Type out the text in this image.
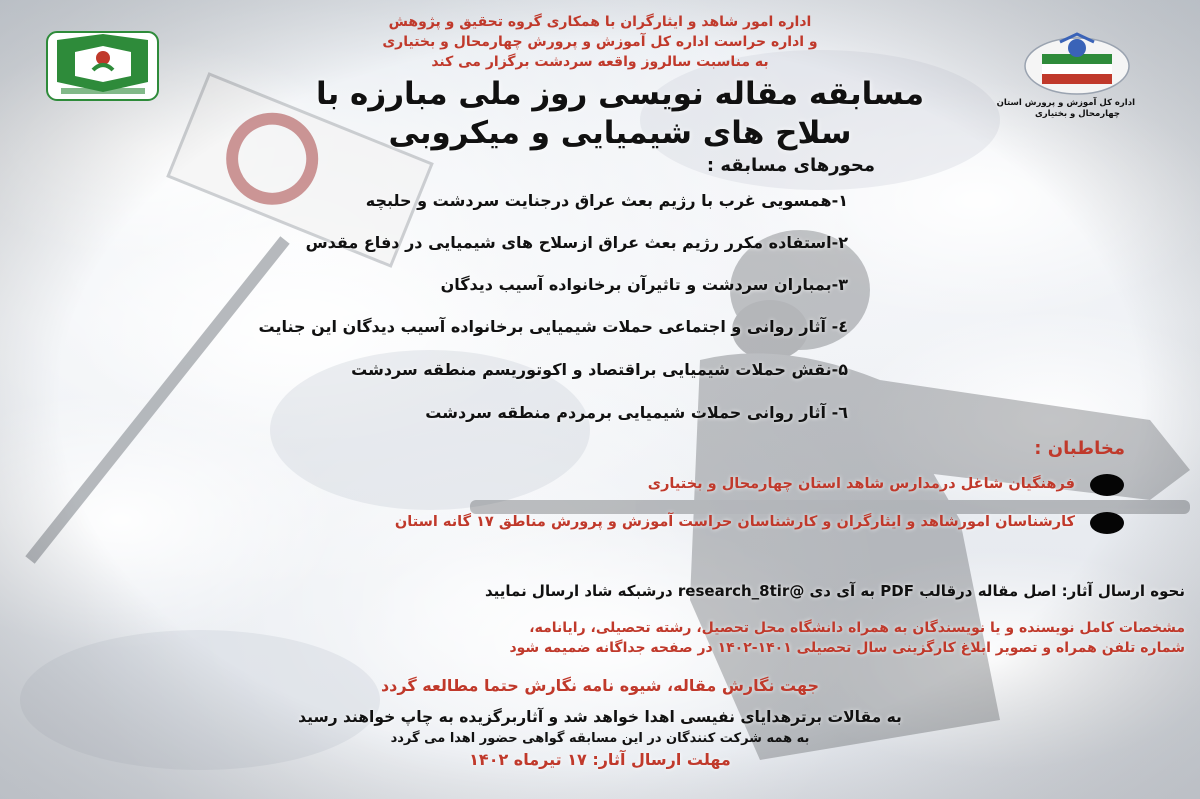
اداره کل آموزش و پرورش استان
چهارمحال و بختیاری
اداره امور شاهد و ایثارگران با همکاری گروه تحقیق و پژوهش
و اداره حراست اداره کل آموزش و پرورش چهارمحال و بختیاری
به مناسبت سالروز واقعه سردشت برگزار می کند
مسابقه مقاله نویسی روز ملی مبارزه با
سلاح های شیمیایی و میکروبی
محورهای مسابقه :
۱-همسویی غرب با رژیم بعث عراق درجنایت سردشت و حلبچه
۲-استفاده مکرر رژیم بعث عراق ازسلاح های شیمیایی در دفاع مقدس
۳-بمباران سردشت و تاثیرآن برخانواده آسیب دیدگان
٤- آثار روانی و اجتماعی حملات شیمیایی برخانواده آسیب دیدگان این جنایت
۵-نقش حملات شیمیایی براقتصاد و اکوتوریسم منطقه سردشت
٦- آثار روانی حملات شیمیایی برمردم منطقه سردشت
مخاطبان :
فرهنگیان شاغل درمدارس شاهد استان چهارمحال و بختیاری
کارشناسان امورشاهد و ایثارگران و کارشناسان حراست آموزش و پرورش مناطق ۱۷ گانه استان
نحوه ارسال آثار: اصل مقاله درقالب PDF به آی دی @research_8tir درشبکه شاد ارسال نمایید
مشخصات کامل نویسنده و یا نویسندگان به همراه دانشگاه محل تحصیل، رشته تحصیلی، رایانامه،
شماره تلفن همراه و تصویر ابلاغ کارگزینی سال تحصیلی ۱۴۰۱-۱۴۰۲ در صفحه جداگانه ضمیمه شود
جهت نگارش مقاله، شیوه نامه نگارش حتما مطالعه گردد
به مقالات برترهدایای نفیسی اهدا خواهد شد و آثاربرگزیده به چاپ خواهند رسید
به همه شرکت کنندگان در این مسابقه گواهی حضور اهدا می گردد
مهلت ارسال آثار: ۱۷ تیرماه ۱۴۰۲
